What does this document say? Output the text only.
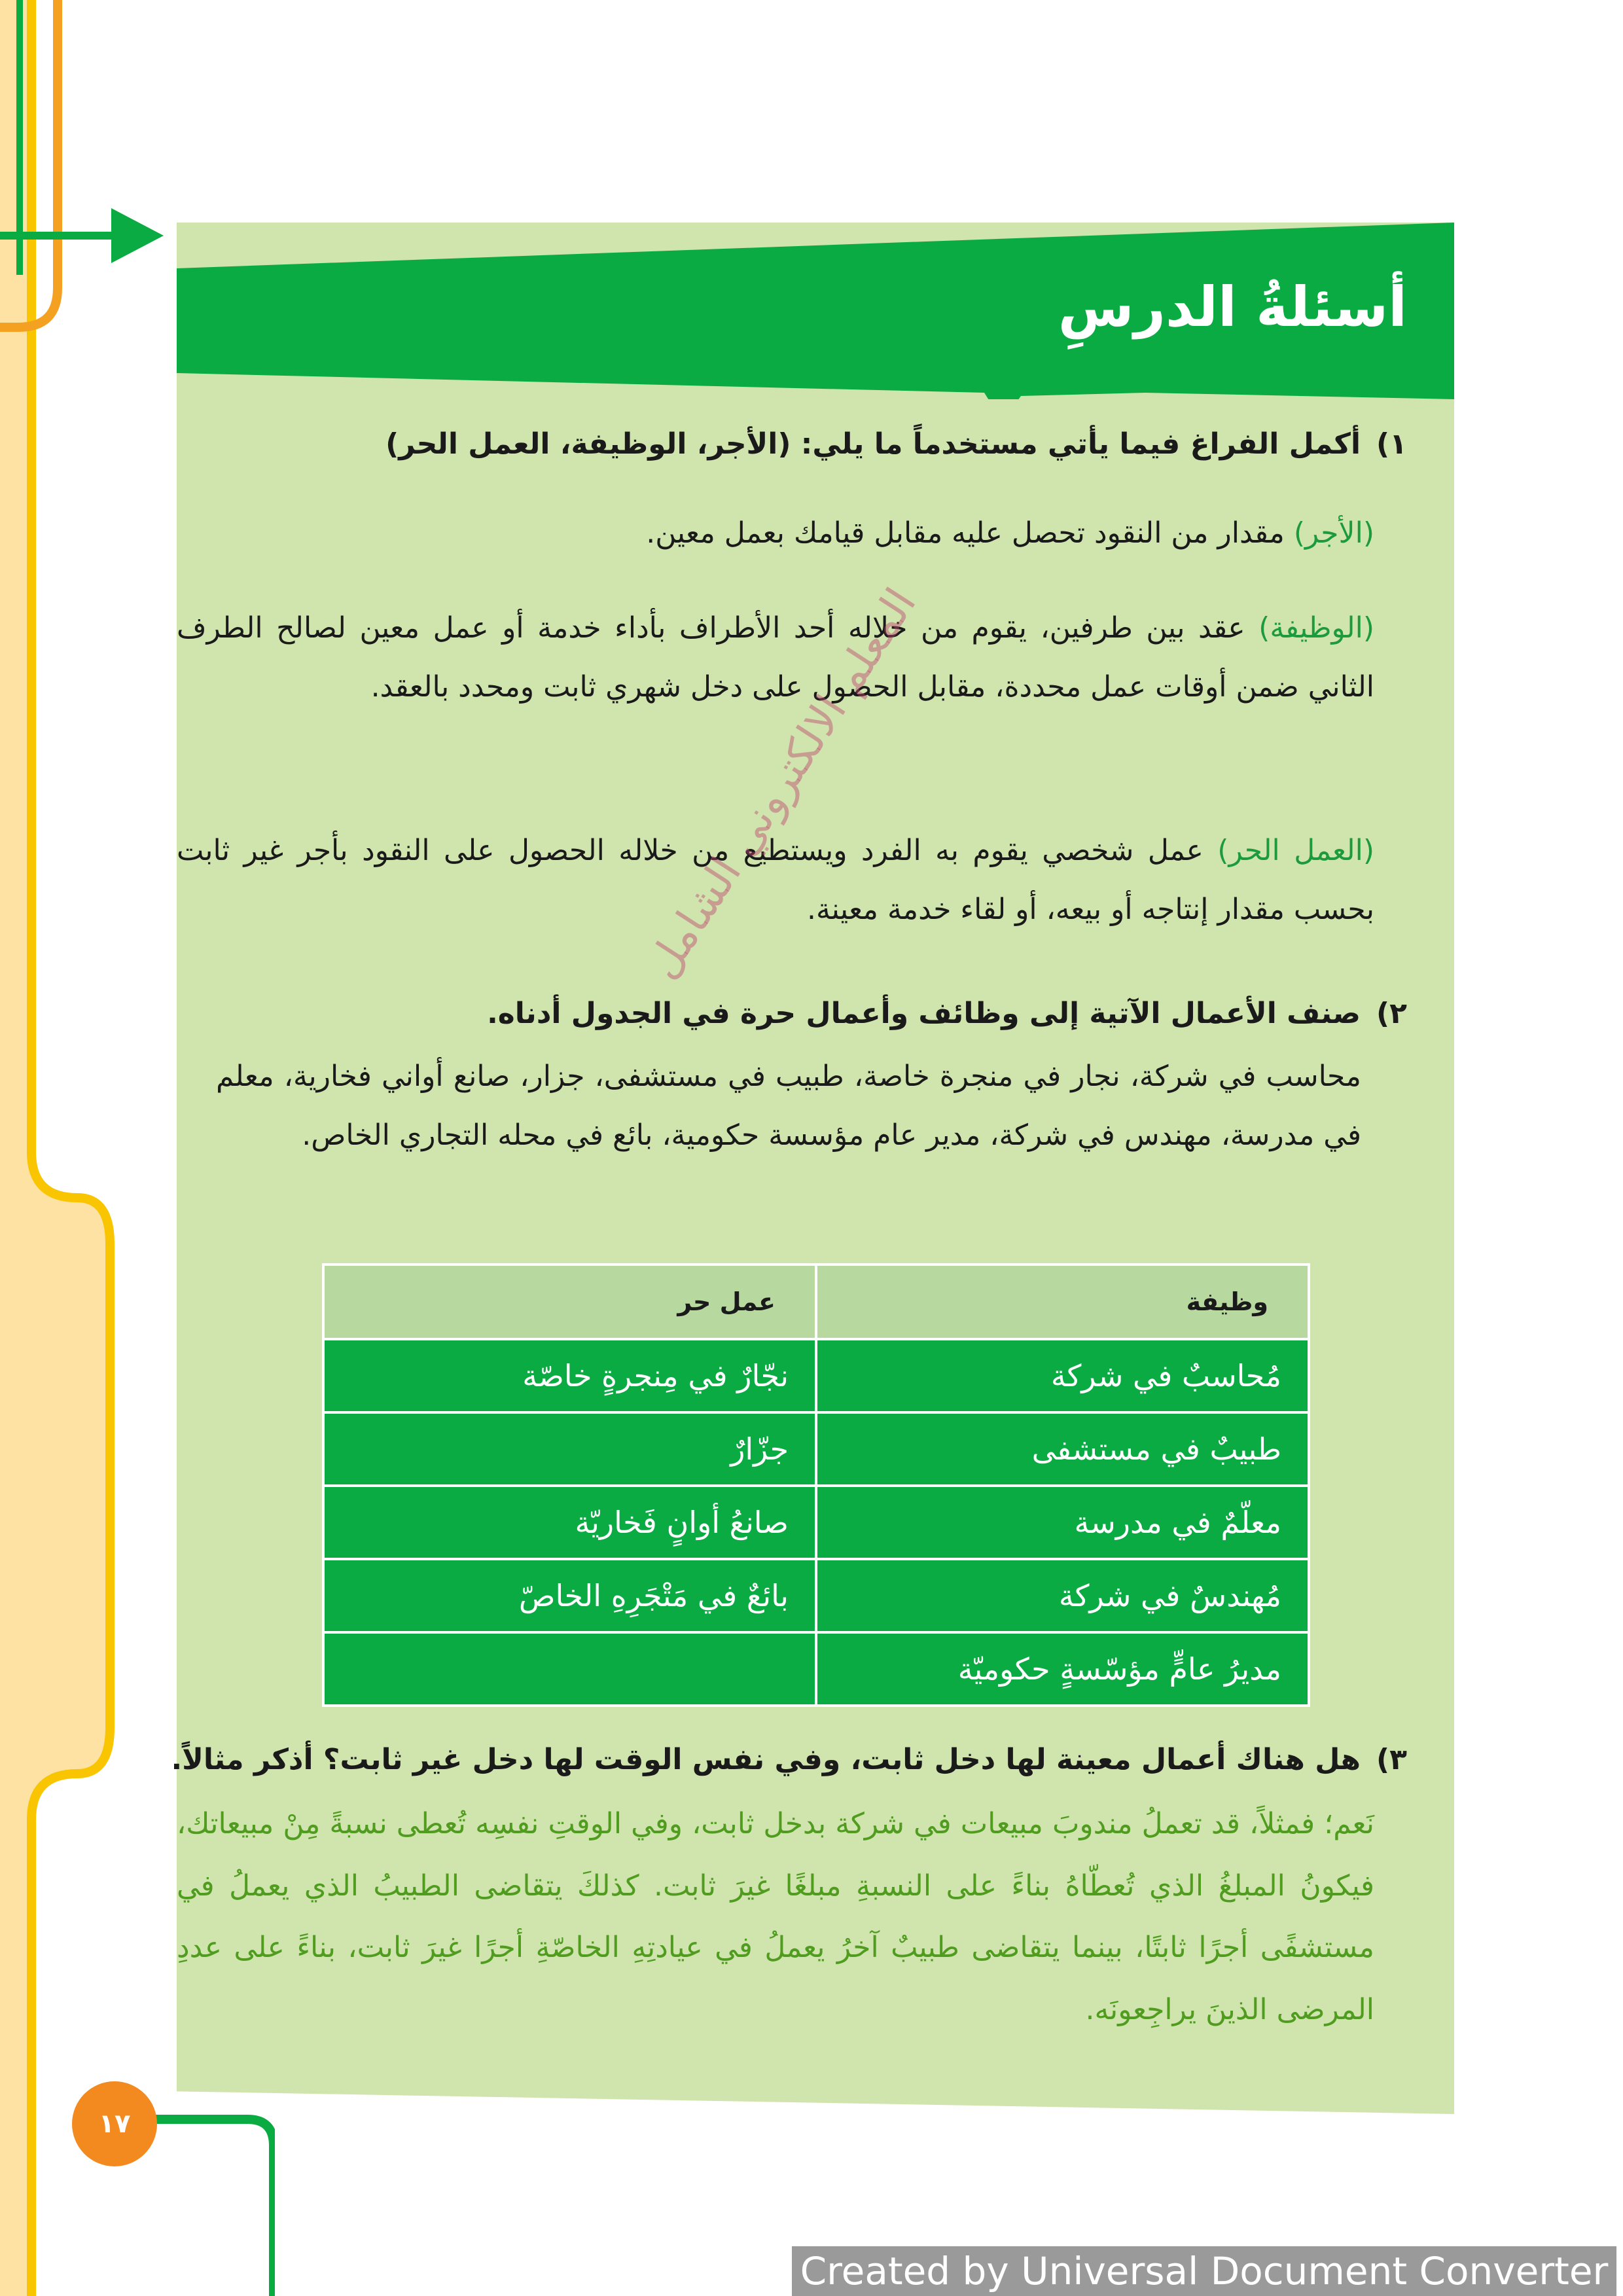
أسئلةُ الدرسِ
١)أكمل الفراغ فيما يأتي مستخدماً ما يلي: (الأجر، الوظيفة، العمل الحر)
(الأجر) مقدار من النقود تحصل عليه مقابل قيامك بعمل معين.
(الوظيفة) عقد بين طرفين، يقوم من خلاله أحد الأطراف بأداء خدمة أو عمل معين لصالح الطرف الثاني ضمن أوقات عمل محددة، مقابل الحصول على دخل شهري ثابت ومحدد بالعقد.
(العمل الحر) عمل شخصي يقوم به الفرد ويستطيع من خلاله الحصول على النقود بأجر غير ثابت بحسب مقدار إنتاجه أو بيعه، أو لقاء خدمة معينة.
٢)صنف الأعمال الآتية إلى وظائف وأعمال حرة في الجدول أدناه.
محاسب في شركة، نجار في منجرة خاصة، طبيب في مستشفى، جزار، صانع أواني فخارية، معلم في مدرسة، مهندس في شركة، مدير عام مؤسسة حكومية، بائع في محله التجاري الخاص.
المعلم الالكتروني الشامل
وظيفة	عمل حر
مُحاسبٌ في شركة	نجّارٌ في مِنجرةٍ خاصّة
طبيبٌ في مستشفى	جزّارٌ
معلّمٌ في مدرسة	صانعُ أوانٍ فَخاريّة
مُهندسٌ في شركة	بائعٌ في مَتْجَرِهِ الخاصّ
مديرُ عامٍّ مؤسّسةٍ حكوميّة	
٣)هل هناك أعمال معينة لها دخل ثابت، وفي نفس الوقت لها دخل غير ثابت؟ أذكر مثالاً.
نَعم؛ فمثلاً، قد تعملُ مندوبَ مبيعات في شركة بدخل ثابت، وفي الوقتِ نفسِه تُعطى نسبةً مِنْ مبيعاتك، فيكونُ المبلغُ الذي تُعطّاهُ بناءً على النسبةِ مبلغًا غيرَ ثابت. كذلكَ يتقاضى الطبيبُ الذي يعملُ في مستشفًى أجرًا ثابتًا، بينما يتقاضى طبيبٌ آخرُ يعملُ في عيادتِهِ الخاصّةِ أجرًا غيرَ ثابت، بناءً على عددِ المرضى الذينَ يراجِعونَه.
١٧
Created by Universal Document Converter
